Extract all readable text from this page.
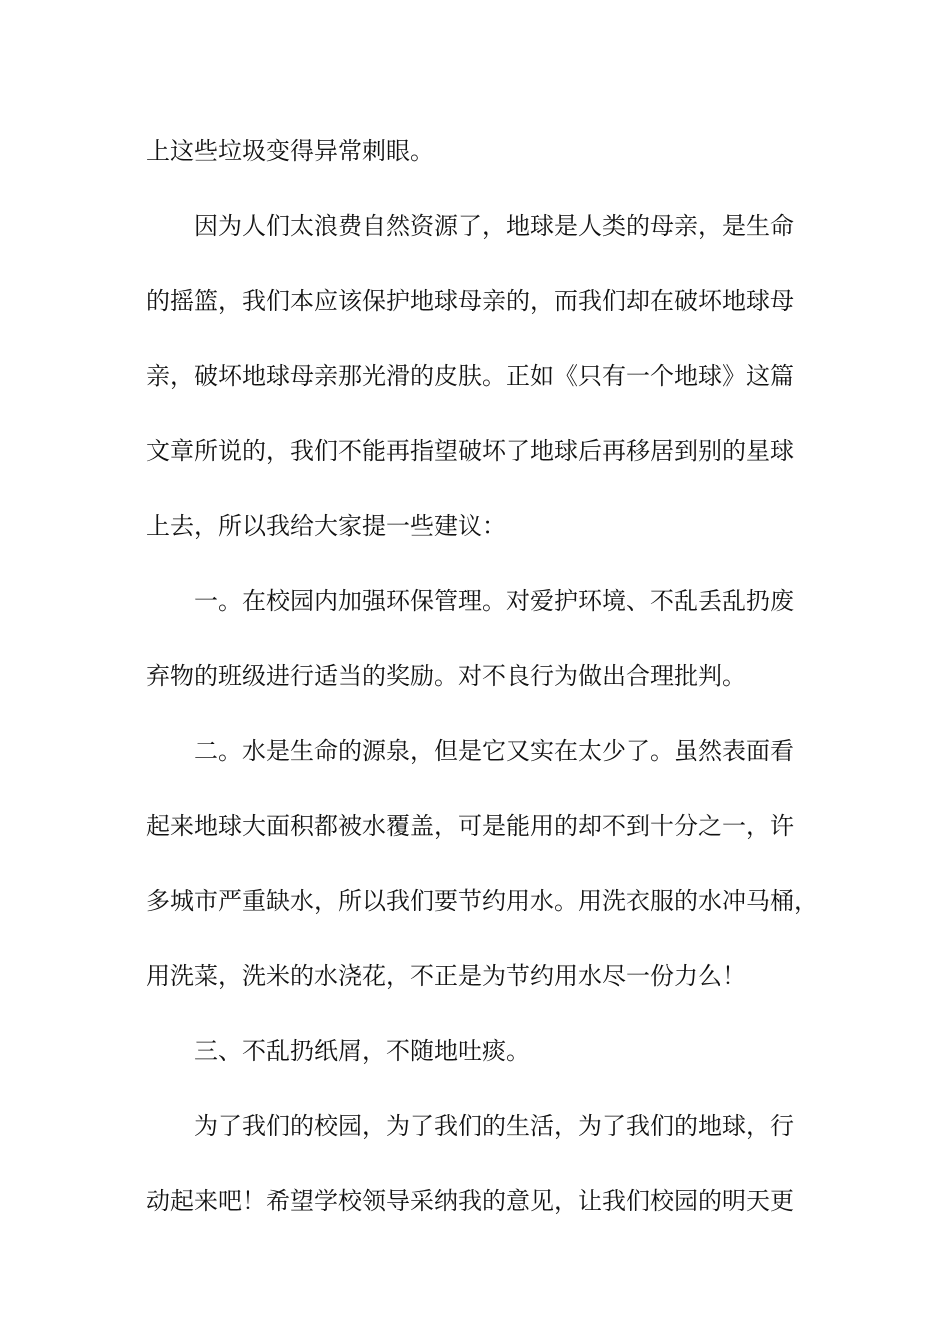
上这些垃圾变得异常刺眼。
因为人们太浪费自然资源了，地球是人类的母亲，是生命
的摇篮，我们本应该保护地球母亲的，而我们却在破坏地球母
亲，破坏地球母亲那光滑的皮肤。正如《只有一个地球》这篇
文章所说的，我们不能再指望破坏了地球后再移居到别的星球
上去，所以我给大家提一些建议：
一。在校园内加强环保管理。对爱护环境、不乱丢乱扔废
弃物的班级进行适当的奖励。对不良行为做出合理批判。
二。水是生命的源泉，但是它又实在太少了。虽然表面看
起来地球大面积都被水覆盖，可是能用的却不到十分之一，许
多城市严重缺水，所以我们要节约用水。用洗衣服的水冲马桶，
用洗菜，洗米的水浇花，不正是为节约用水尽一份力么！
三、不乱扔纸屑，不随地吐痰。
为了我们的校园，为了我们的生活，为了我们的地球，行
动起来吧！希望学校领导采纳我的意见，让我们校园的明天更
